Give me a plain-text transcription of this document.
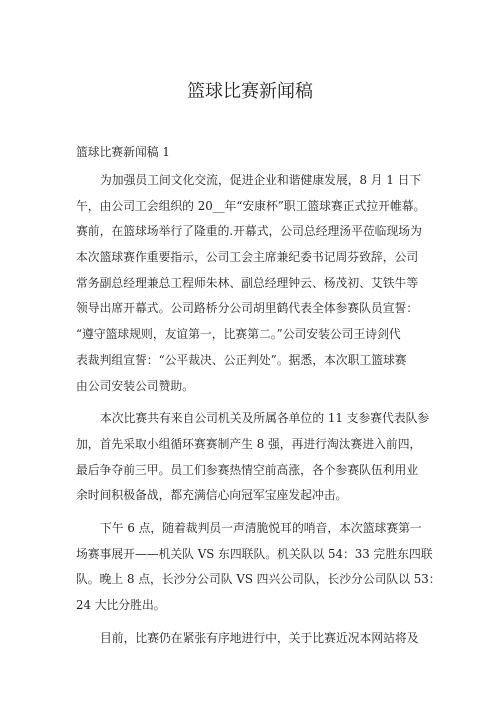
篮球比赛新闻稿
篮球比赛新闻稿 1
为加强员工间文化交流，促进企业和谐健康发展，8 月 1 日下
午，由公司工会组织的 20__年“安康杯”职工篮球赛正式拉开帷幕。
赛前，在篮球场举行了隆重的.开幕式，公司总经理汤平莅临现场为
本次篮球赛作重要指示，公司工会主席兼纪委书记周芬致辞，公司
常务副总经理兼总工程师朱林、副总经理钟云、杨茂初、艾铁牛等
领导出席开幕式。公司路桥分公司胡里鹤代表全体参赛队员宣誓：
“遵守篮球规则，友谊第一，比赛第二。”公司安装公司王诗剑代
表裁判组宣誓：“公平裁决、公正判处”。据悉，本次职工篮球赛
由公司安装公司赞助。
本次比赛共有来自公司机关及所属各单位的 11 支参赛代表队参
加，首先采取小组循环赛赛制产生 8 强，再进行淘汰赛进入前四，
最后争夺前三甲。员工们参赛热情空前高涨，各个参赛队伍利用业
余时间积极备战，都充满信心向冠军宝座发起冲击。
下午 6 点，随着裁判员一声清脆悦耳的哨音，本次篮球赛第一
场赛事展开——机关队 VS 东四联队。机关队以 54：33 完胜东四联
队。晚上 8 点，长沙分公司队 VS 四兴公司队，长沙分公司队以 53：
24 大比分胜出。
目前，比赛仍在紧张有序地进行中，关于比赛近况本网站将及
